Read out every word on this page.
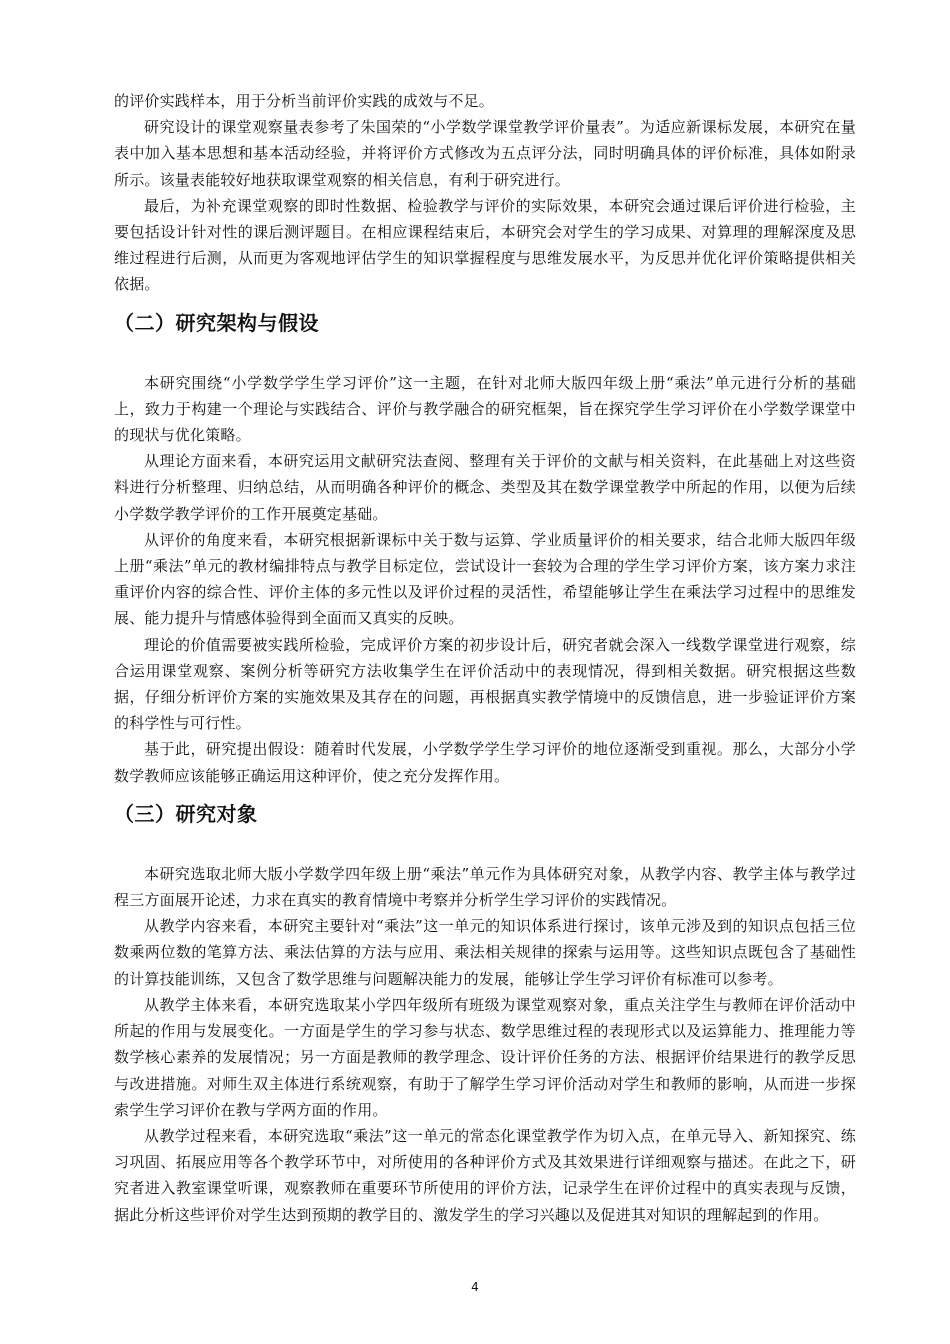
的评价实践样本，用于分析当前评价实践的成效与不足。

研究设计的课堂观察量表参考了朱国荣的“小学数学课堂教学评价量表”。为适应新课标发展，本研究在量表中加入基本思想和基本活动经验，并将评价方式修改为五点评分法，同时明确具体的评价标准，具体如附录所示。该量表能较好地获取课堂观察的相关信息，有利于研究进行。

最后，为补充课堂观察的即时性数据、检验教学与评价的实际效果，本研究会通过课后评价进行检验，主要包括设计针对性的课后测评题目。在相应课程结束后，本研究会对学生的学习成果、对算理的理解深度及思维过程进行后测，从而更为客观地评估学生的知识掌握程度与思维发展水平，为反思并优化评价策略提供相关依据。

（二）研究架构与假设

本研究围绕“小学数学学生学习评价”这一主题，在针对北师大版四年级上册“乘法”单元进行分析的基础上，致力于构建一个理论与实践结合、评价与教学融合的研究框架，旨在探究学生学习评价在小学数学课堂中的现状与优化策略。

从理论方面来看，本研究运用文献研究法查阅、整理有关于评价的文献与相关资料，在此基础上对这些资料进行分析整理、归纳总结，从而明确各种评价的概念、类型及其在数学课堂教学中所起的作用，以便为后续小学数学教学评价的工作开展奠定基础。

从评价的角度来看，本研究根据新课标中关于数与运算、学业质量评价的相关要求，结合北师大版四年级上册“乘法”单元的教材编排特点与教学目标定位，尝试设计一套较为合理的学生学习评价方案，该方案力求注重评价内容的综合性、评价主体的多元性以及评价过程的灵活性，希望能够让学生在乘法学习过程中的思维发展、能力提升与情感体验得到全面而又真实的反映。

理论的价值需要被实践所检验，完成评价方案的初步设计后，研究者就会深入一线数学课堂进行观察，综合运用课堂观察、案例分析等研究方法收集学生在评价活动中的表现情况，得到相关数据。研究根据这些数据，仔细分析评价方案的实施效果及其存在的问题，再根据真实教学情境中的反馈信息，进一步验证评价方案的科学性与可行性。

基于此，研究提出假设：随着时代发展，小学数学学生学习评价的地位逐渐受到重视。那么，大部分小学数学教师应该能够正确运用这种评价，使之充分发挥作用。

（三）研究对象

本研究选取北师大版小学数学四年级上册“乘法”单元作为具体研究对象，从教学内容、教学主体与教学过程三方面展开论述，力求在真实的教育情境中考察并分析学生学习评价的实践情况。

从教学内容来看，本研究主要针对“乘法”这一单元的知识体系进行探讨，该单元涉及到的知识点包括三位数乘两位数的笔算方法、乘法估算的方法与应用、乘法相关规律的探索与运用等。这些知识点既包含了基础性的计算技能训练，又包含了数学思维与问题解决能力的发展，能够让学生学习评价有标准可以参考。

从教学主体来看，本研究选取某小学四年级所有班级为课堂观察对象，重点关注学生与教师在评价活动中所起的作用与发展变化。一方面是学生的学习参与状态、数学思维过程的表现形式以及运算能力、推理能力等数学核心素养的发展情况；另一方面是教师的教学理念、设计评价任务的方法、根据评价结果进行的教学反思与改进措施。对师生双主体进行系统观察，有助于了解学生学习评价活动对学生和教师的影响，从而进一步探索学生学习评价在教与学两方面的作用。

从教学过程来看，本研究选取“乘法”这一单元的常态化课堂教学作为切入点，在单元导入、新知探究、练习巩固、拓展应用等各个教学环节中，对所使用的各种评价方式及其效果进行详细观察与描述。在此之下，研究者进入教室课堂听课，观察教师在重要环节所使用的评价方法，记录学生在评价过程中的真实表现与反馈，据此分析这些评价对学生达到预期的教学目的、激发学生的学习兴趣以及促进其对知识的理解起到的作用。

4
